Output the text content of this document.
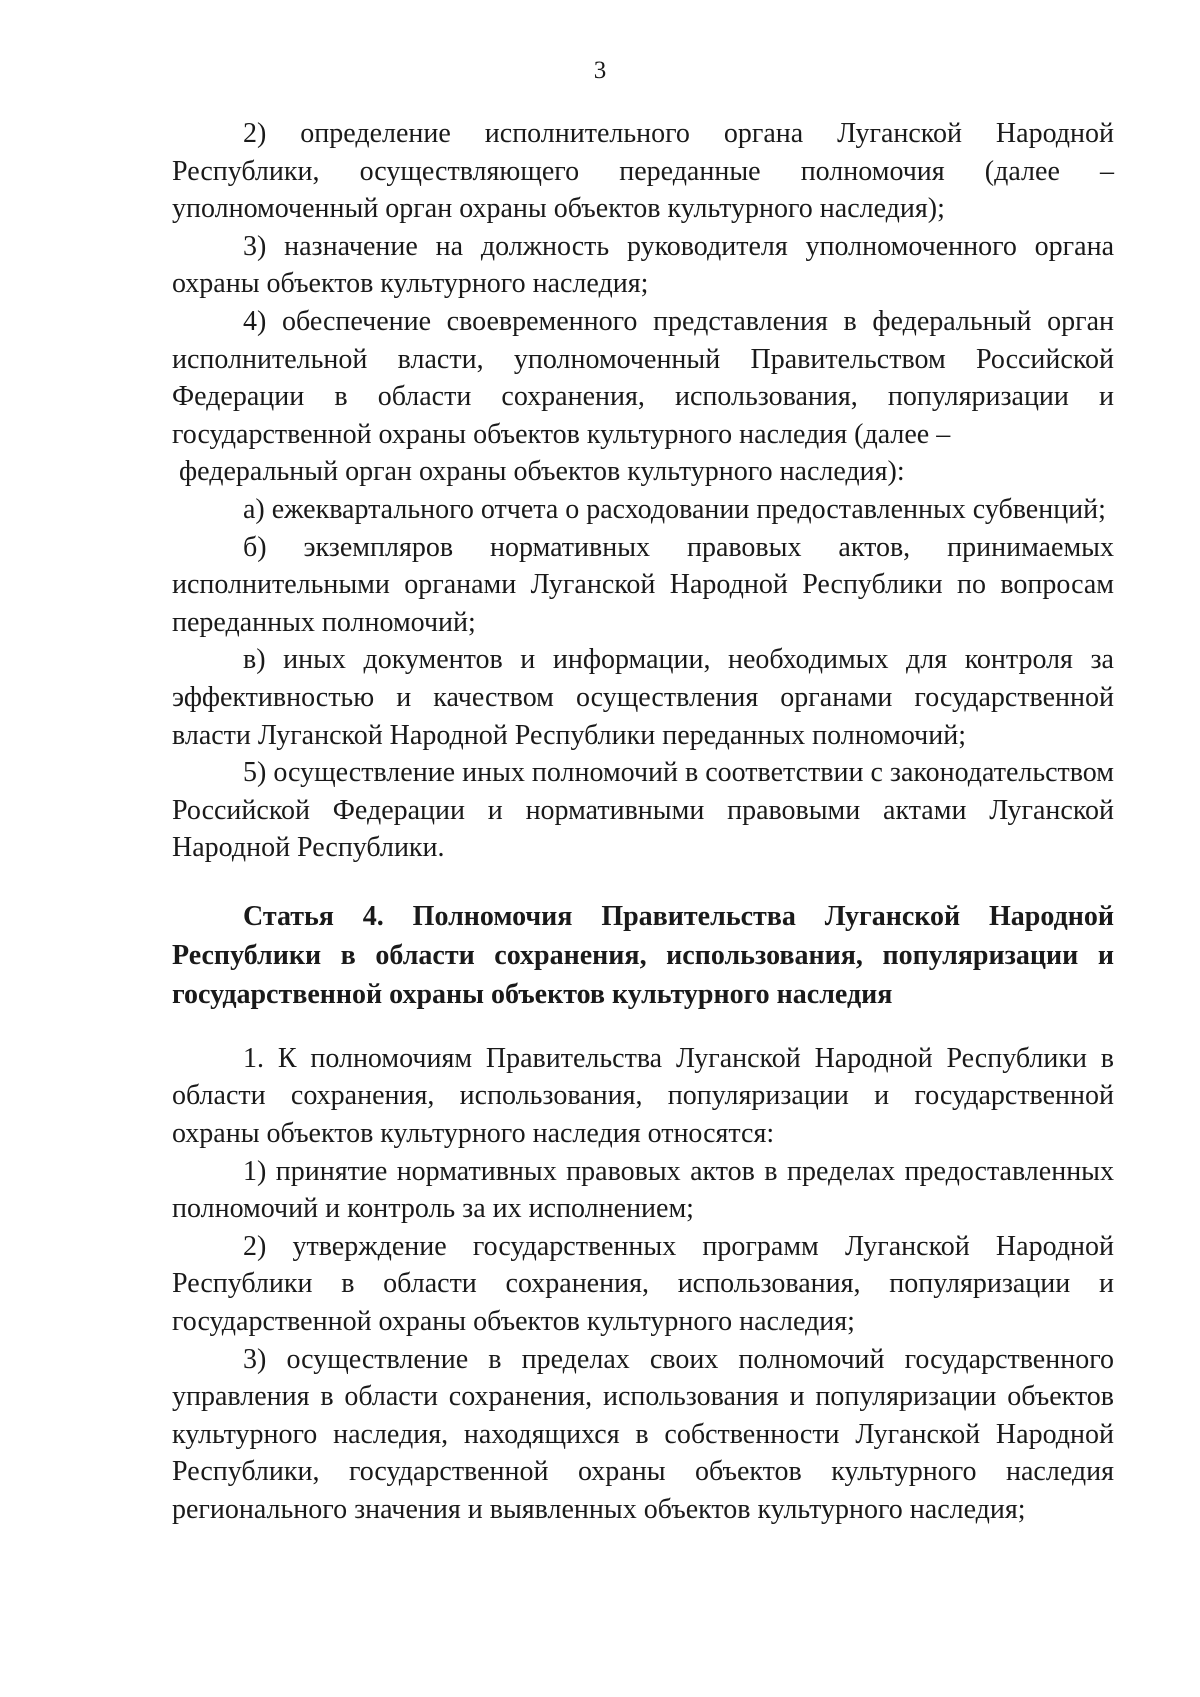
3

2) определение исполнительного органа Луганской Народной Республики, осуществляющего переданные полномочия (далее – уполномоченный орган охраны объектов культурного наследия);

3) назначение на должность руководителя уполномоченного органа охраны объектов культурного наследия;

4) обеспечение своевременного представления в федеральный орган исполнительной власти, уполномоченный Правительством Российской Федерации в области сохранения, использования, популяризации и государственной охраны объектов культурного наследия (далее –

федеральный орган охраны объектов культурного наследия):

а) ежеквартального отчета о расходовании предоставленных субвенций;

б) экземпляров нормативных правовых актов, принимаемых исполнительными органами Луганской Народной Республики по вопросам переданных полномочий;

в) иных документов и информации, необходимых для контроля за эффективностью и качеством осуществления органами государственной власти Луганской Народной Республики переданных полномочий;

5) осуществление иных полномочий в соответствии с законодательством Российской Федерации и нормативными правовыми актами Луганской Народной Республики.

Статья 4. Полномочия Правительства Луганской Народной Республики в области сохранения, использования, популяризации и государственной охраны объектов культурного наследия

1. К полномочиям Правительства Луганской Народной Республики в области сохранения, использования, популяризации и государственной охраны объектов культурного наследия относятся:

1) принятие нормативных правовых актов в пределах предоставленных полномочий и контроль за их исполнением;

2) утверждение государственных программ Луганской Народной Республики в области сохранения, использования, популяризации и государственной охраны объектов культурного наследия;

3) осуществление в пределах своих полномочий государственного управления в области сохранения, использования и популяризации объектов культурного наследия, находящихся в собственности Луганской Народной Республики, государственной охраны объектов культурного наследия регионального значения и выявленных объектов культурного наследия;
